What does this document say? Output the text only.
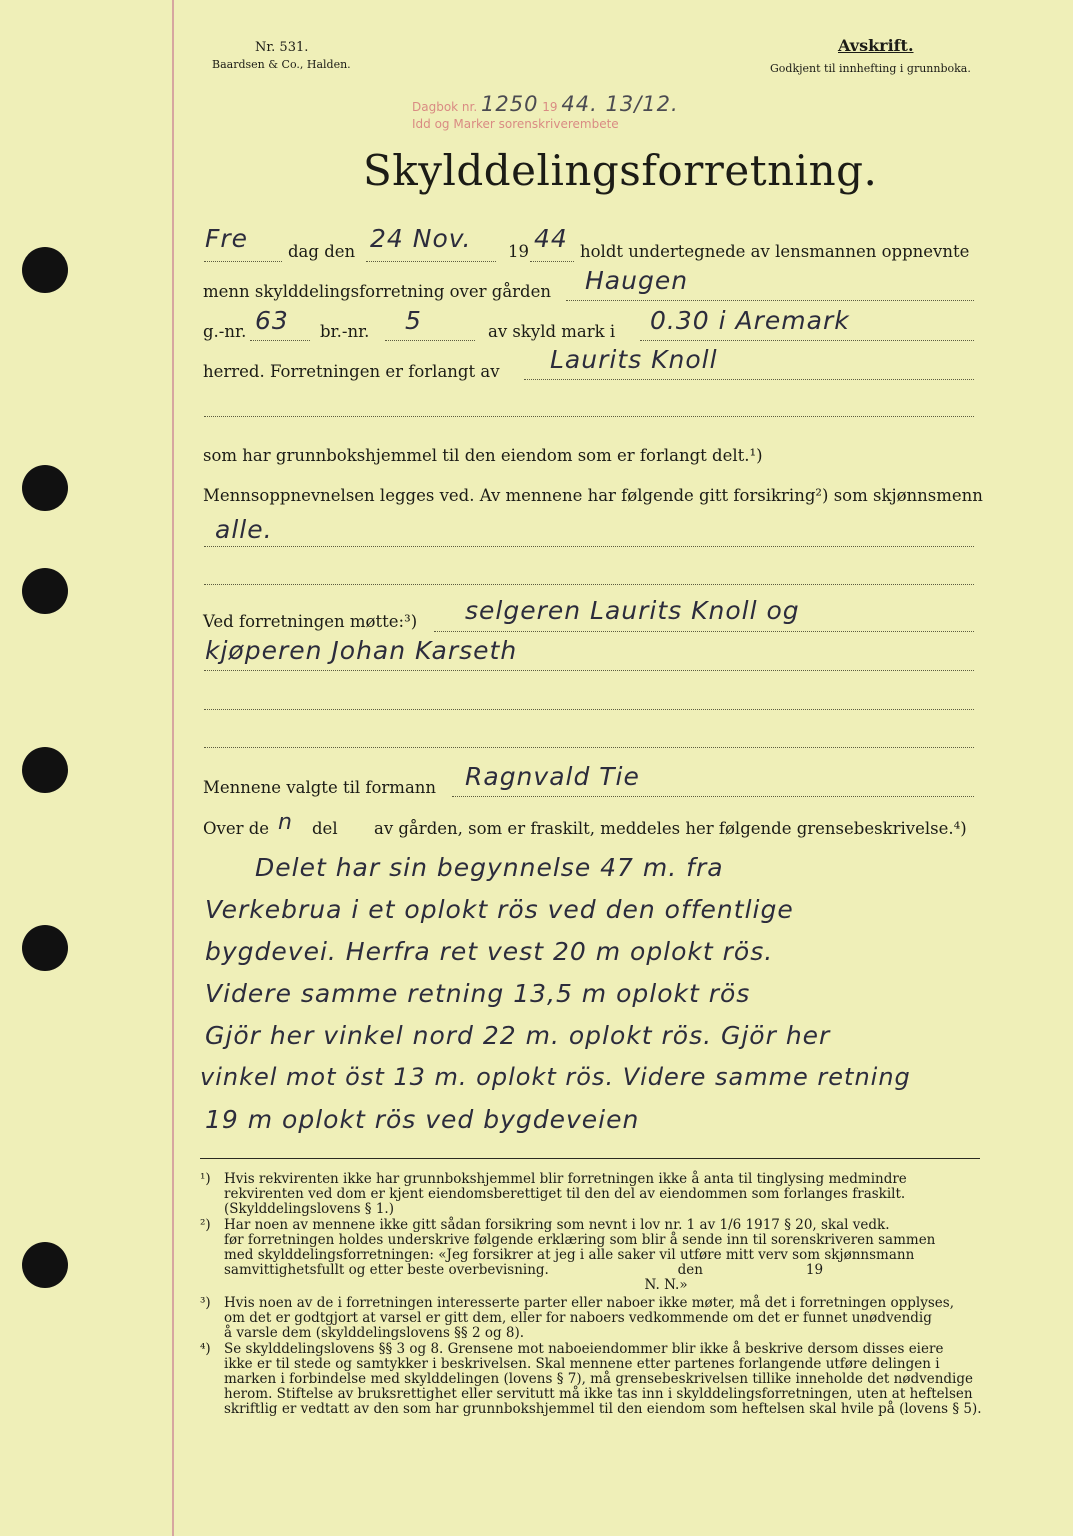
Nr. 531.
Baardsen & Co., Halden.
Avskrift.
Godkjent til innhefting i grunnboka.
Dagbok nr. 1250 19 44. 13/12.
Idd og Marker sorenskriverembete
Skylddelingsforretning.
Fre dag den 24 Nov. 19 44 holdt undertegnede av lensmannen oppnevnte
menn skylddelingsforretning over gården Haugen
g.-nr. 63 br.-nr. 5	av skyld mark i 0.30 i Aremark
herred. Forretningen er forlangt av Laurits Knoll
som har grunnbokshjemmel til den eiendom som er forlangt delt.¹)
Mennsoppnevnelsen legges ved. Av mennene har følgende gitt forsikring²) som skjønnsmenn
alle.
Ved forretningen møtte:³) selgeren Laurits Knoll og
kjøperen Johan Karseth
Mennene valgte til formann Ragnvald Tie
Over de n del av gården, som er fraskilt, meddeles her følgende grensebeskrivelse.⁴)
Delet har sin begynnelse 47 m. fra
Verkebrua i et oplokt rös ved den offentlige
bygdevei. Herfra ret vest 20 m oplokt rös.
Videre samme retning 13,5 m oplokt rös
Gjör her vinkel nord 22 m. oplokt rös. Gjör her
vinkel mot öst 13 m. oplokt rös. Videre samme retning
19 m oplokt rös ved bygdeveien
¹) Hvis rekvirenten ikke har grunnbokshjemmel blir forretningen ikke å anta til tinglysing medmindre
rekvirenten ved dom er kjent eiendomsberettiget til den del av eiendommen som forlanges fraskilt.
(Skylddelingslovens § 1.)
²) Har noen av mennene ikke gitt sådan forsikring som nevnt i lov nr. 1 av 1/6 1917 § 20, skal vedk.
før forretningen holdes underskrive følgende erklæring som blir å sende inn til sorenskriveren sammen
med skylddelingsforretningen: «Jeg forsikrer at jeg i alle saker vil utføre mitt verv som skjønnsmann
samvittighetsfullt og etter beste overbevisning.                              den                        19
N. N.»
³) Hvis noen av de i forretningen interesserte parter eller naboer ikke møter, må det i forretningen opplyses,
om det er godtgjort at varsel er gitt dem, eller for naboers vedkommende om det er funnet unødvendig
å varsle dem (skylddelingslovens §§ 2 og 8).
⁴) Se skylddelingslovens §§ 3 og 8. Grensene mot naboeiendommer blir ikke å beskrive dersom disses eiere
ikke er til stede og samtykker i beskrivelsen. Skal mennene etter partenes forlangende utføre delingen i
marken i forbindelse med skylddelingen (lovens § 7), må grensebeskrivelsen tillike inneholde det nødvendige
herom. Stiftelse av bruksrettighet eller servitutt må ikke tas inn i skylddelingsforretningen, uten at heftelsen
skriftlig er vedtatt av den som har grunnbokshjemmel til den eiendom som heftelsen skal hvile på (lovens § 5).
